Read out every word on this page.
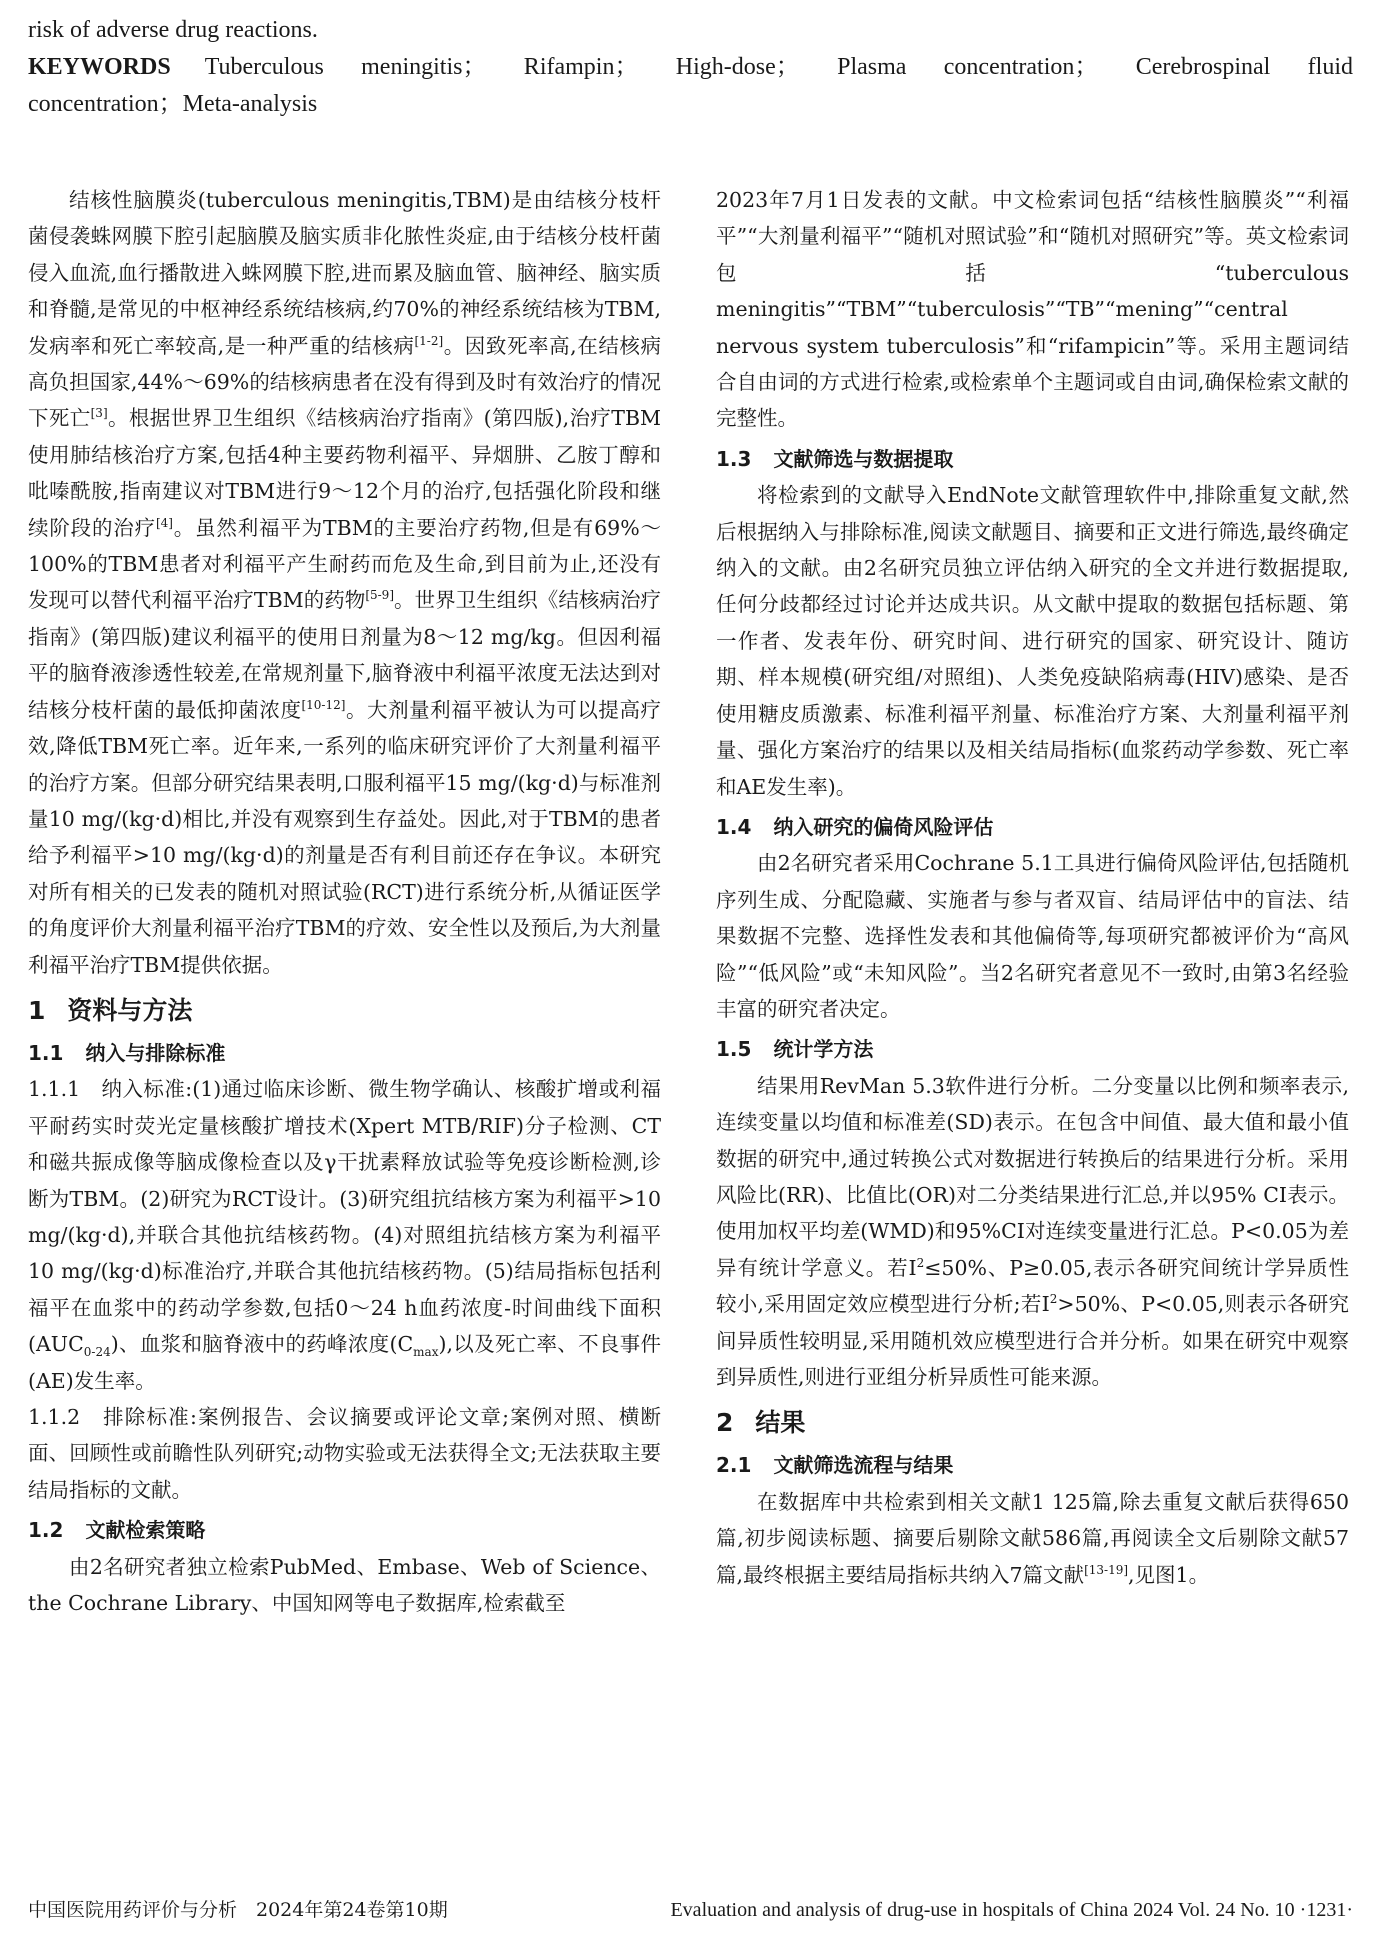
risk of adverse drug reactions.

KEYWORDS Tuberculous meningitis； Rifampin； High-dose； Plasma concentration； Cerebrospinal fluid

concentration；Meta-analysis

结核性脑膜炎(tuberculous meningitis,TBM)是由结核分枝杆菌侵袭蛛网膜下腔引起脑膜及脑实质非化脓性炎症,由于结核分枝杆菌侵入血流,血行播散进入蛛网膜下腔,进而累及脑血管、脑神经、脑实质和脊髓,是常见的中枢神经系统结核病,约70%的神经系统结核为TBM,发病率和死亡率较高,是一种严重的结核病[1-2]。因致死率高,在结核病高负担国家,44%～69%的结核病患者在没有得到及时有效治疗的情况下死亡[3]。根据世界卫生组织《结核病治疗指南》(第四版),治疗TBM使用肺结核治疗方案,包括4种主要药物利福平、异烟肼、乙胺丁醇和吡嗪酰胺,指南建议对TBM进行9～12个月的治疗,包括强化阶段和继续阶段的治疗[4]。虽然利福平为TBM的主要治疗药物,但是有69%～100%的TBM患者对利福平产生耐药而危及生命,到目前为止,还没有发现可以替代利福平治疗TBM的药物[5-9]。世界卫生组织《结核病治疗指南》(第四版)建议利福平的使用日剂量为8～12 mg/kg。但因利福平的脑脊液渗透性较差,在常规剂量下,脑脊液中利福平浓度无法达到对结核分枝杆菌的最低抑菌浓度[10-12]。大剂量利福平被认为可以提高疗效,降低TBM死亡率。近年来,一系列的临床研究评价了大剂量利福平的治疗方案。但部分研究结果表明,口服利福平15 mg/(kg·d)与标准剂量10 mg/(kg·d)相比,并没有观察到生存益处。因此,对于TBM的患者给予利福平>10 mg/(kg·d)的剂量是否有利目前还存在争议。本研究对所有相关的已发表的随机对照试验(RCT)进行系统分析,从循证医学的角度评价大剂量利福平治疗TBM的疗效、安全性以及预后,为大剂量利福平治疗TBM提供依据。

1 资料与方法
1.1 纳入与排除标准

1.1.1　纳入标准:(1)通过临床诊断、微生物学确认、核酸扩增或利福平耐药实时荧光定量核酸扩增技术(Xpert MTB/RIF)分子检测、CT和磁共振成像等脑成像检查以及γ干扰素释放试验等免疫诊断检测,诊断为TBM。(2)研究为RCT设计。(3)研究组抗结核方案为利福平>10 mg/(kg·d),并联合其他抗结核药物。(4)对照组抗结核方案为利福平10 mg/(kg·d)标准治疗,并联合其他抗结核药物。(5)结局指标包括利福平在血浆中的药动学参数,包括0～24 h血药浓度-时间曲线下面积$(AUC_{0-24})$、血浆和脑脊液中的药峰浓度$(C_{max})$,以及死亡率、不良事件(AE)发生率。

1.1.2　排除标准:案例报告、会议摘要或评论文章;案例对照、横断面、回顾性或前瞻性队列研究;动物实验或无法获得全文;无法获取主要结局指标的文献。

1.2 文献检索策略

由2名研究者独立检索PubMed、Embase、Web of Science、the Cochrane Library、中国知网等电子数据库,检索截至

2023年7月1日发表的文献。中文检索词包括“结核性脑膜炎”“利福平”“大剂量利福平”“随机对照试验”和“随机对照研究”等。英文检索词包括“tuberculous meningitis”“TBM”“tuberculosis”“TB”“mening”“central nervous system tuberculosis”和“rifampicin”等。采用主题词结合自由词的方式进行检索,或检索单个主题词或自由词,确保检索文献的完整性。

1.3 文献筛选与数据提取

将检索到的文献导入EndNote文献管理软件中,排除重复文献,然后根据纳入与排除标准,阅读文献题目、摘要和正文进行筛选,最终确定纳入的文献。由2名研究员独立评估纳入研究的全文并进行数据提取,任何分歧都经过讨论并达成共识。从文献中提取的数据包括标题、第一作者、发表年份、研究时间、进行研究的国家、研究设计、随访期、样本规模(研究组/对照组)、人类免疫缺陷病毒(HIV)感染、是否使用糖皮质激素、标准利福平剂量、标准治疗方案、大剂量利福平剂量、强化方案治疗的结果以及相关结局指标(血浆药动学参数、死亡率和AE发生率)。

1.4 纳入研究的偏倚风险评估

由2名研究者采用Cochrane 5.1工具进行偏倚风险评估,包括随机序列生成、分配隐藏、实施者与参与者双盲、结局评估中的盲法、结果数据不完整、选择性发表和其他偏倚等,每项研究都被评价为“高风险”“低风险”或“未知风险”。当2名研究者意见不一致时,由第3名经验丰富的研究者决定。

1.5 统计学方法

结果用RevMan 5.3软件进行分析。二分变量以比例和频率表示,连续变量以均值和标准差(SD)表示。在包含中间值、最大值和最小值数据的研究中,通过转换公式对数据进行转换后的结果进行分析。采用风险比(RR)、比值比(OR)对二分类结果进行汇总,并以95% CI表示。使用加权平均差(WMD)和95%CI对连续变量进行汇总。P<0.05为差异有统计学意义。若$I^2\le 50\%$、P≥0.05,表示各研究间统计学异质性较小,采用固定效应模型进行分析;若$I^2>50\%$、P<0.05,则表示各研究间异质性较明显,采用随机效应模型进行合并分析。如果在研究中观察到异质性,则进行亚组分析异质性可能来源。

2 结果
2.1 文献筛选流程与结果

在数据库中共检索到相关文献1 125篇,除去重复文献后获得650篇,初步阅读标题、摘要后剔除文献586篇,再阅读全文后剔除文献57篇,最终根据主要结局指标共纳入7篇文献[13-19],见图1。

中国医院用药评价与分析　2024年第24卷第10期	Evaluation and analysis of drug-use in hospitals of China 2024 Vol. 24 No. 10 ·1231·
